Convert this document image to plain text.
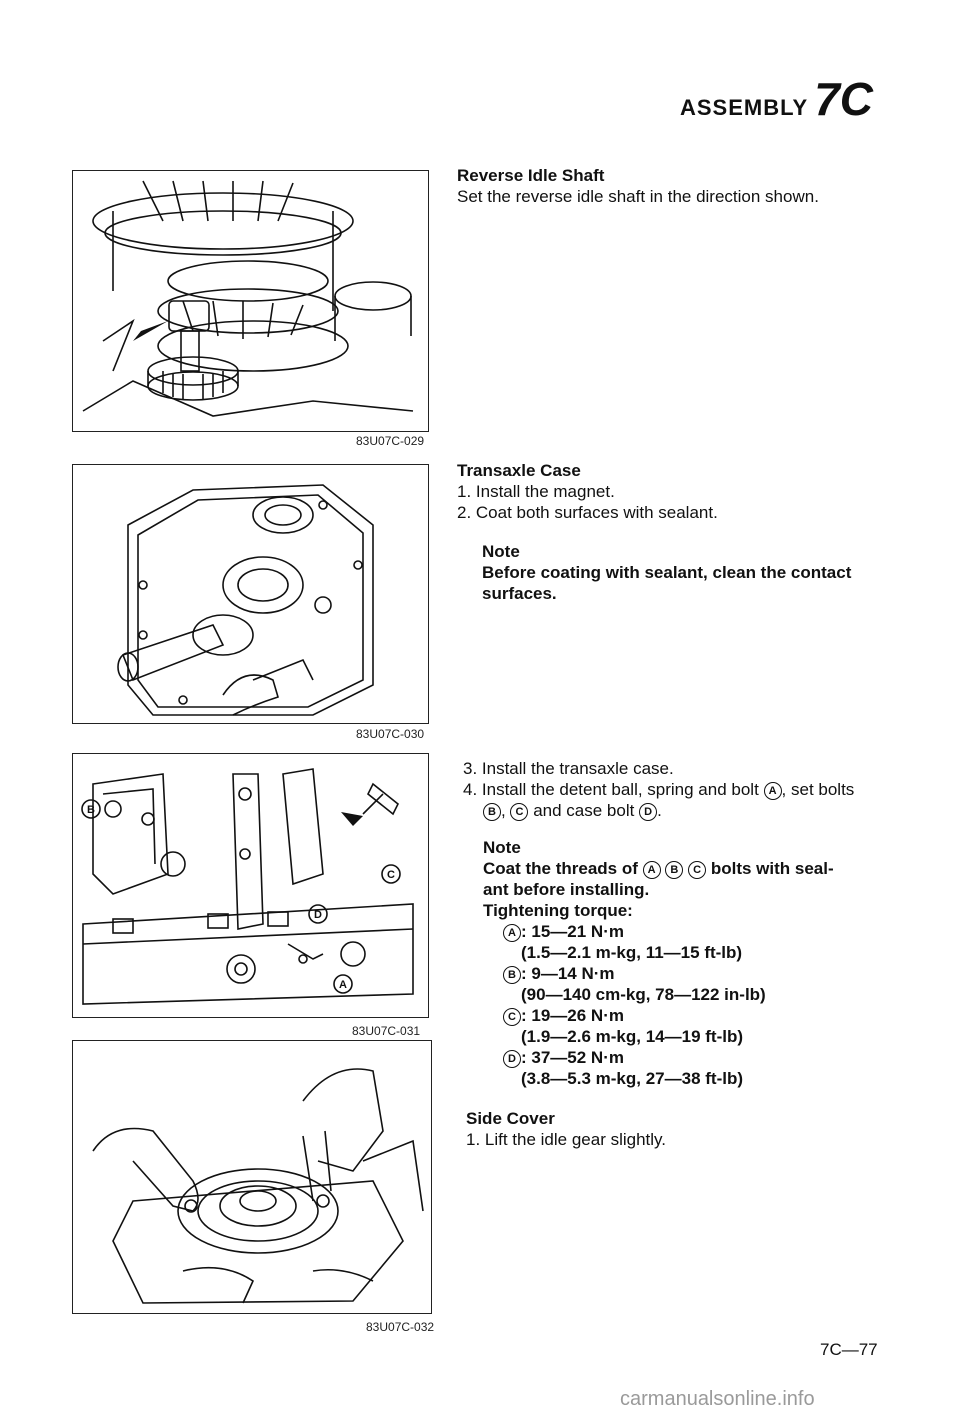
ASSEMBLY 7C
83U07C-029
83U07C-030
B
C
D
A
83U07C-031
83U07C-032
Reverse Idle Shaft
Set the reverse idle shaft in the direction shown.
Transaxle Case
1. Install the magnet.
2. Coat both surfaces with sealant.
Note
Before coating with sealant, clean the contact surfaces.
3. Install the transaxle case.
4. Install the detent ball, spring and bolt A , set bolts
B , C and case bolt D .
Note
Coat the threads of A B C bolts with seal-
ant before installing.
Tightening torque:
A : 15—21 N·m
(1.5—2.1 m-kg, 11—15 ft-lb)
B : 9—14 N·m
(90—140 cm-kg, 78—122 in-lb)
C : 19—26 N·m
(1.9—2.6 m-kg, 14—19 ft-lb)
D : 37—52 N·m
(3.8—5.3 m-kg, 27—38 ft-lb)
Side Cover
1. Lift the idle gear slightly.
7C—77
carmanualsonline.info
